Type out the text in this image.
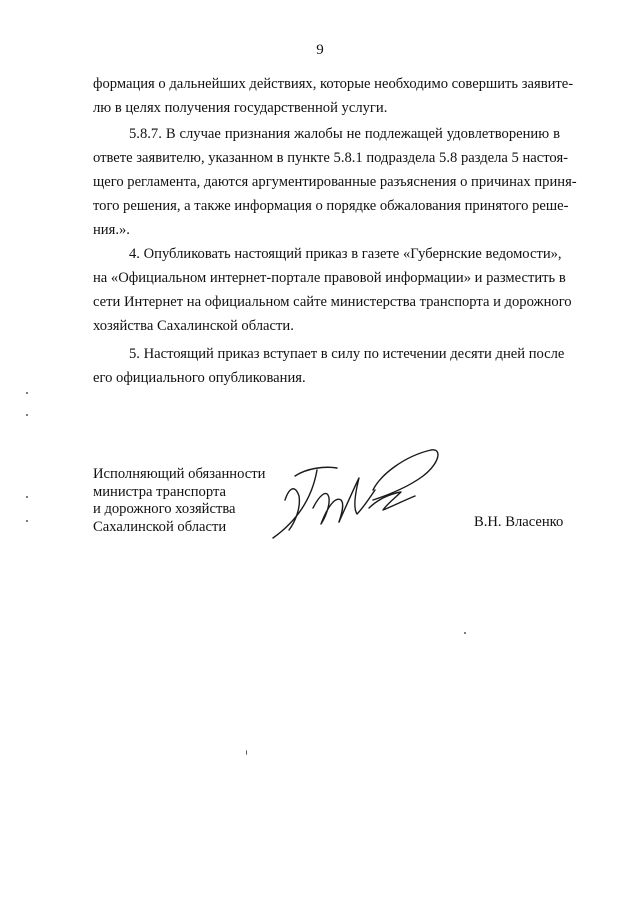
9
формация о дальнейших действиях, которые необходимо совершить заявите-
лю в целях получения государственной услуги.
5.8.7. В случае признания жалобы не подлежащей удовлетворению в
ответе заявителю, указанном в пункте 5.8.1 подраздела 5.8 раздела 5 настоя-
щего регламента, даются аргументированные разъяснения о причинах приня-
того решения, а также информация о порядке обжалования принятого реше-
ния.».
4. Опубликовать настоящий приказ в газете «Губернские ведомости»,
на «Официальном интернет-портале правовой информации» и разместить в
сети Интернет на официальном сайте министерства транспорта и дорожного
хозяйства Сахалинской области.
5. Настоящий приказ вступает в силу по истечении десяти дней после
его официального опубликования.
Исполняющий обязанности
министра транспорта
и дорожного хозяйства
Сахалинской области	В.Н. Власенко
